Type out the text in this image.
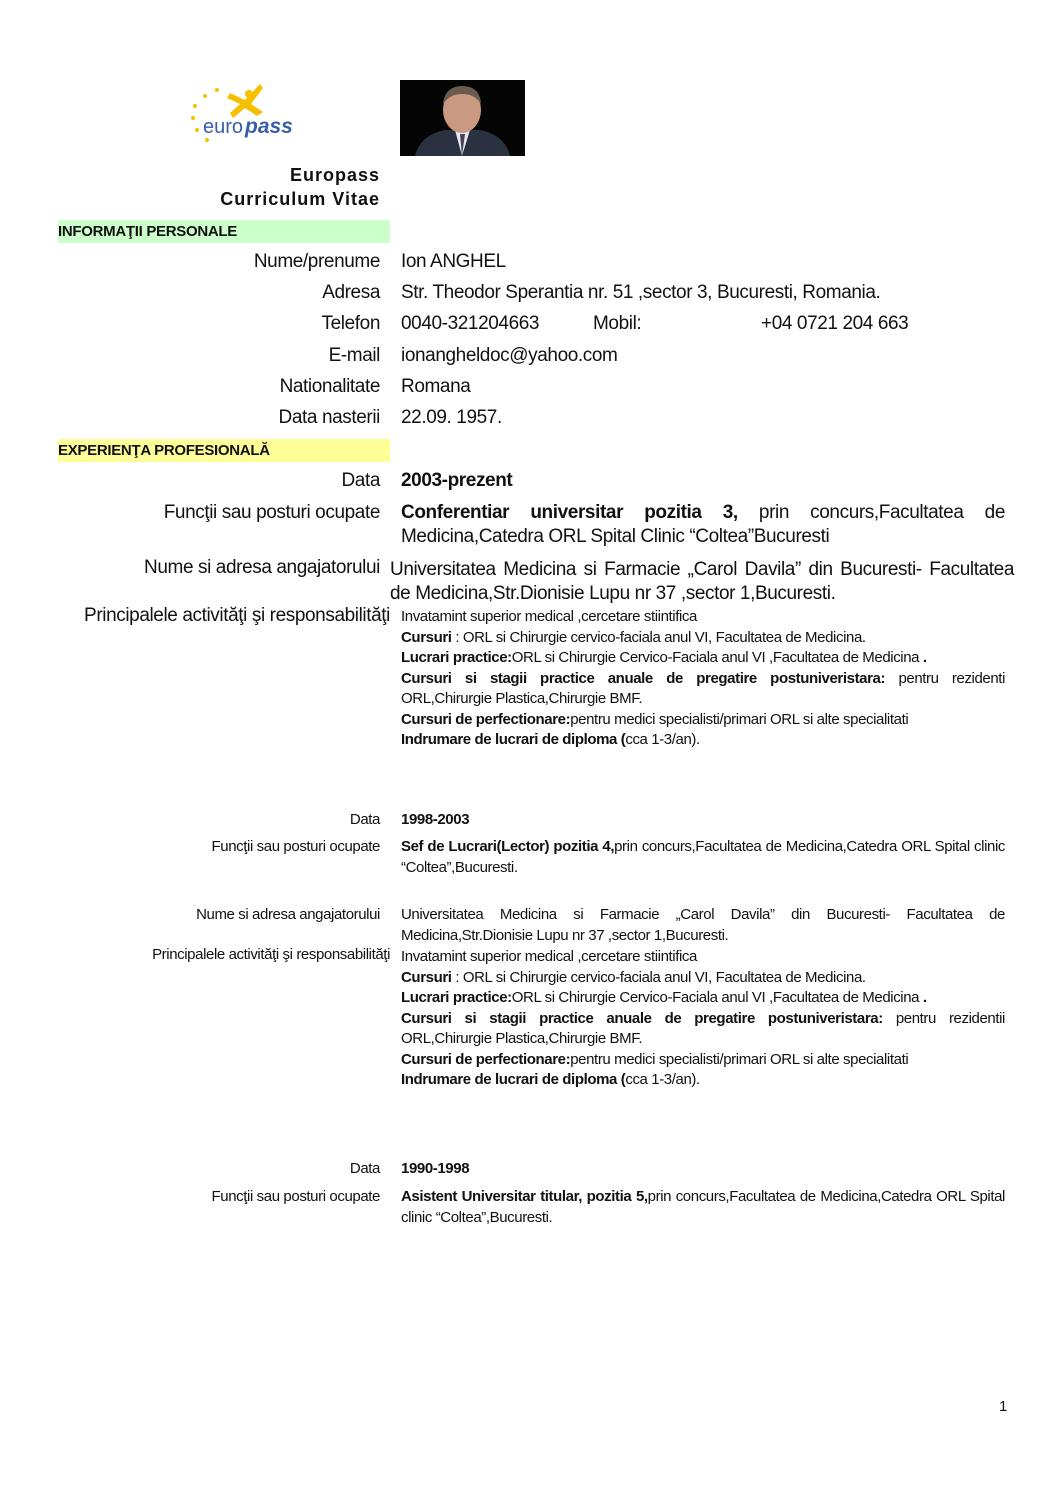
euro pass
Europass
Curriculum Vitae
INFORMAŢII PERSONALE
Nume/prenume Ion ANGHEL
Adresa Str. Theodor Sperantia nr. 51 ,sector 3, Bucuresti, Romania.
Telefon 0040-321204663	Mobil:	+04 0721 204 663
E-mail ionangheldoc@yahoo.com
Nationalitate Romana
Data nasterii 22.09. 1957.
EXPERIENŢA PROFESIONALĂ
Data 2003-prezent
Funcţii sau posturi ocupate Conferentiar universitar pozitia 3, prin concurs,Facultatea de Medicina,Catedra ORL Spital Clinic “Coltea”Bucuresti
Nume si adresa angajatorului Universitatea Medicina si Farmacie „Carol Davila” din Bucuresti- Facultatea de Medicina,Str.Dionisie Lupu nr 37 ,sector 1,Bucuresti.
Principalele activităţi şi responsabilităţi Invatamint superior medical ,cercetare stiintifica
Cursuri : ORL si Chirurgie cervico-faciala anul VI, Facultatea de Medicina.
Lucrari practice:ORL si Chirurgie Cervico-Faciala anul VI ,Facultatea de Medicina .
Cursuri si stagii practice anuale de pregatire postuniveristara: pentru rezidenti ORL,Chirurgie Plastica,Chirurgie BMF.
Cursuri de perfectionare:pentru medici specialisti/primari ORL si alte specialitati
Indrumare de lucrari de diploma (cca 1-3/an).
Data 1998-2003
Funcţii sau posturi ocupate Sef de Lucrari(Lector) pozitia 4,prin concurs,Facultatea de Medicina,Catedra ORL Spital clinic “Coltea”,Bucuresti.
Nume si adresa angajatorului Universitatea Medicina si Farmacie „Carol Davila” din Bucuresti- Facultatea de Medicina,Str.Dionisie Lupu nr 37 ,sector 1,Bucuresti.
Principalele activităţi şi responsabilităţi Invatamint superior medical ,cercetare stiintifica
Cursuri : ORL si Chirurgie cervico-faciala anul VI, Facultatea de Medicina.
Lucrari practice:ORL si Chirurgie Cervico-Faciala anul VI ,Facultatea de Medicina .
Cursuri si stagii practice anuale de pregatire postuniveristara: pentru rezidentii ORL,Chirurgie Plastica,Chirurgie BMF.
Cursuri de perfectionare:pentru medici specialisti/primari ORL si alte specialitati
Indrumare de lucrari de diploma (cca 1-3/an).
Data 1990-1998
Funcţii sau posturi ocupate Asistent Universitar titular, pozitia 5,prin concurs,Facultatea de Medicina,Catedra ORL Spital clinic “Coltea”,Bucuresti.
1
